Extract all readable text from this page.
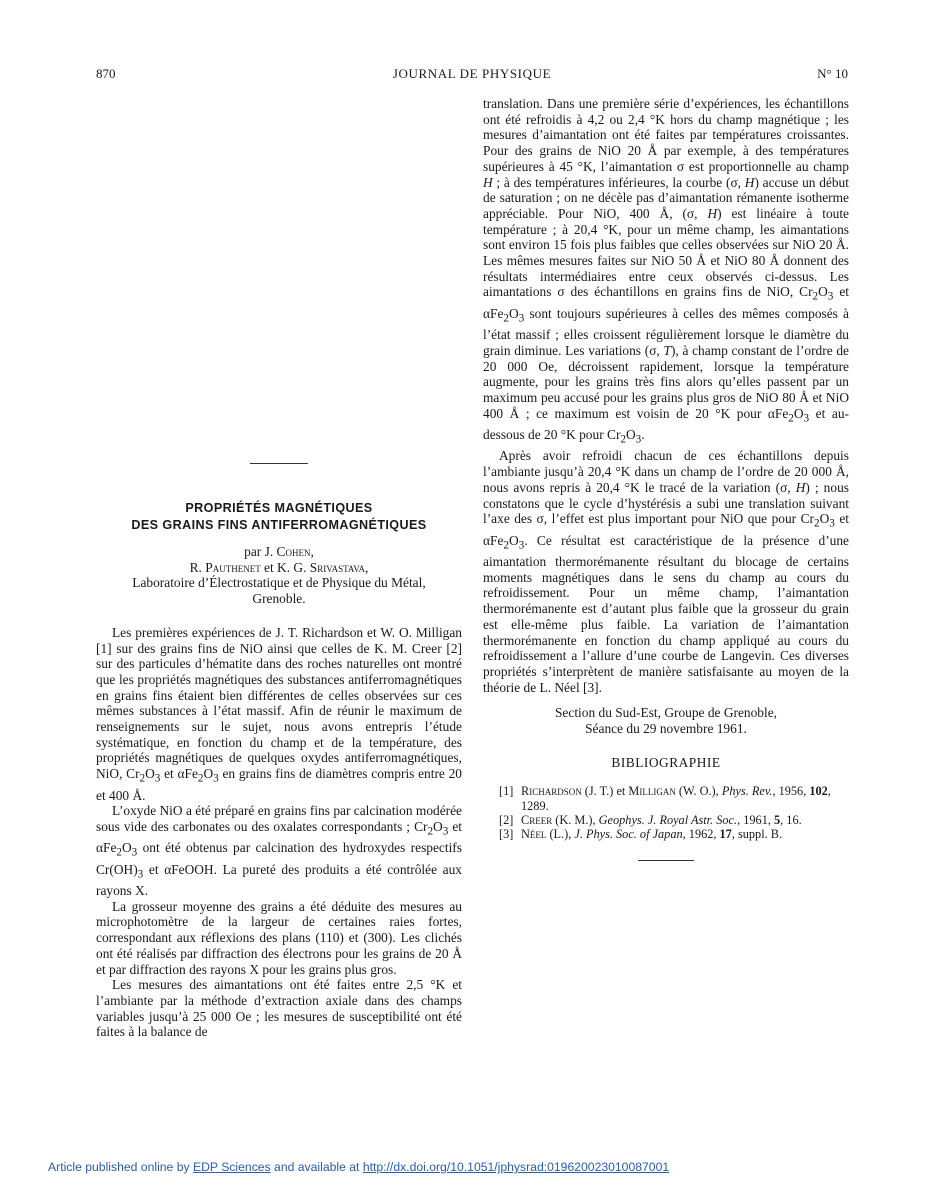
870	JOURNAL DE PHYSIQUE	N° 10
PROPRIÉTÉS MAGNÉTIQUES
DES GRAINS FINS ANTIFERROMAGNÉTIQUES
par J. Cohen,
R. Pauthenet et K. G. Srivastava,
Laboratoire d’Électrostatique et de Physique du Métal,
Grenoble.

Les premières expériences de J. T. Richardson et W. O. Milligan [1] sur des grains fins de NiO ainsi que celles de K. M. Creer [2] sur des particules d’hématite dans des roches naturelles ont montré que les propriétés magnétiques des substances antiferromagnétiques en grains fins étaient bien différentes de celles observées sur ces mêmes substances à l’état massif. Afin de réunir le maximum de renseignements sur le sujet, nous avons entrepris l’étude systématique, en fonction du champ et de la température, des propriétés magnétiques de quelques oxydes antiferromagnétiques, NiO, $Cr_2O_3$ et $\alpha Fe_2O_3$ en grains fins de diamètres compris entre 20 et 400 Å.

L’oxyde NiO a été préparé en grains fins par calcination modérée sous vide des carbonates ou des oxalates correspondants ; $Cr_2O_3$ et $\alpha Fe_2O_3$ ont été obtenus par calcination des hydroxydes respectifs $Cr(OH)_3$ et αFeOOH. La pureté des produits a été contrôlée aux rayons X.

La grosseur moyenne des grains a été déduite des mesures au microphotomètre de la largeur de certaines raies fortes, correspondant aux réflexions des plans (110) et (300). Les clichés ont été réalisés par diffraction des électrons pour les grains de 20 Å et par diffraction des rayons X pour les grains plus gros.

Les mesures des aimantations ont été faites entre 2,5 °K et l’ambiante par la méthode d’extraction axiale dans des champs variables jusqu’à 25 000 Oe ; les mesures de susceptibilité ont été faites à la balance de

translation. Dans une première série d’expériences, les échantillons ont été refroidis à 4,2 ou 2,4 °K hors du champ magnétique ; les mesures d’aimantation ont été faites par températures croissantes. Pour des grains de NiO 20 Å par exemple, à des températures supérieures à 45 °K, l’aimantation σ est proportionnelle au champ H ; à des températures inférieures, la courbe (σ, H) accuse un début de saturation ; on ne décèle pas d’aimantation rémanente isotherme appréciable. Pour NiO, 400 Å, (σ, H) est linéaire à toute température ; à 20,4 °K, pour un même champ, les aimantations sont environ 15 fois plus faibles que celles observées sur NiO 20 Å. Les mêmes mesures faites sur NiO 50 Å et NiO 80 Å donnent des résultats intermédiaires entre ceux observés ci-dessus. Les aimantations σ des échantillons en grains fins de NiO, $Cr_2O_3$ et $\alpha Fe_2O_3$ sont toujours supérieures à celles des mêmes composés à l’état massif ; elles croissent régulièrement lorsque le diamètre du grain diminue. Les variations (σ, T), à champ constant de l’ordre de 20 000 Oe, décroissent rapidement, lorsque la température augmente, pour les grains très fins alors qu’elles passent par un maximum peu accusé pour les grains plus gros de NiO 80 Å et NiO 400 Å ; ce maximum est voisin de 20 °K pour $\alpha Fe_2O_3$ et au-dessous de 20 °K pour $Cr_2O_3$.

Après avoir refroidi chacun de ces échantillons depuis l’ambiante jusqu’à 20,4 °K dans un champ de l’ordre de 20 000 Å, nous avons repris à 20,4 °K le tracé de la variation (σ, H) ; nous constatons que le cycle d’hystérésis a subi une translation suivant l’axe des σ, l’effet est plus important pour NiO que pour $Cr_2O_3$ et $\alpha Fe_2O_3$. Ce résultat est caractéristique de la présence d’une aimantation thermorémanente résultant du blocage de certains moments magnétiques dans le sens du champ au cours du refroidissement. Pour un même champ, l’aimantation thermorémanente est d’autant plus faible que la grosseur du grain est elle-même plus faible. La variation de l’aimantation thermorémanente en fonction du champ appliqué au cours du refroidissement a l’allure d’une courbe de Langevin. Ces diverses propriétés s’interprètent de manière satisfaisante au moyen de la théorie de L. Néel [3].

Section du Sud-Est, Groupe de Grenoble,
Séance du 29 novembre 1961.
BIBLIOGRAPHIE
[1] Richardson (J. T.) et Milligan (W. O.), Phys. Rev., 1956, 102, 1289.
[2] Creer (K. M.), Geophys. J. Royal Astr. Soc., 1961, 5, 16.
[3] Néel (L.), J. Phys. Soc. of Japan, 1962, 17, suppl. B.
Article published online by EDP Sciences and available at http://dx.doi.org/10.1051/jphysrad:019620023010087001
